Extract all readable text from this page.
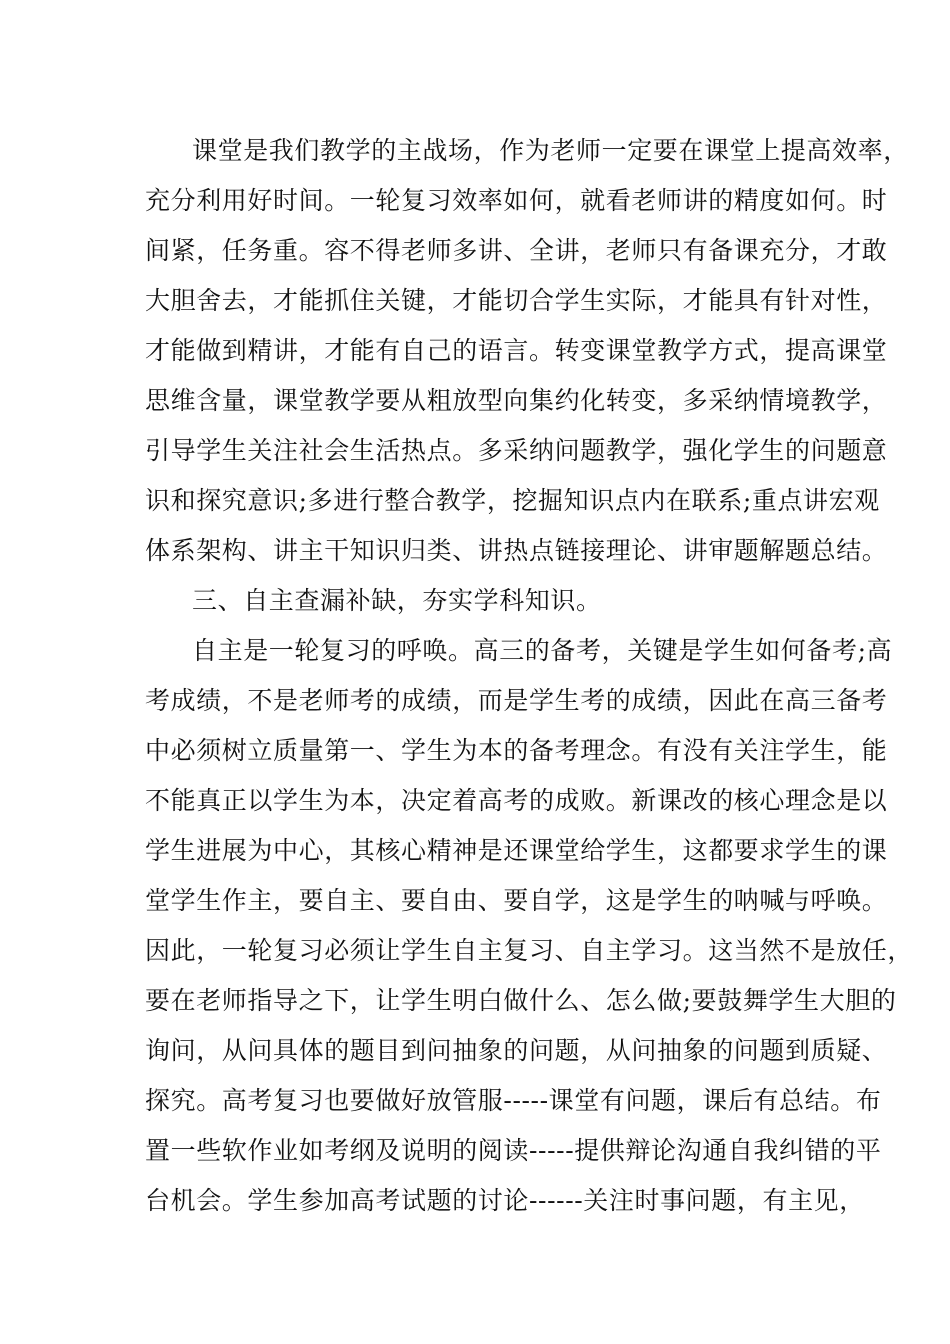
课堂是我们教学的主战场，作为老师一定要在课堂上提高效率，
充分利用好时间。一轮复习效率如何，就看老师讲的精度如何。时
间紧，任务重。容不得老师多讲、全讲，老师只有备课充分，才敢
大胆舍去，才能抓住关键，才能切合学生实际，才能具有针对性，
才能做到精讲，才能有自己的语言。转变课堂教学方式，提高课堂
思维含量，课堂教学要从粗放型向集约化转变，多采纳情境教学，
引导学生关注社会生活热点。多采纳问题教学，强化学生的问题意
识和探究意识;多进行整合教学，挖掘知识点内在联系;重点讲宏观
体系架构、讲主干知识归类、讲热点链接理论、讲审题解题总结。
三、自主查漏补缺，夯实学科知识。
自主是一轮复习的呼唤。高三的备考，关键是学生如何备考;高
考成绩，不是老师考的成绩，而是学生考的成绩，因此在高三备考
中必须树立质量第一、学生为本的备考理念。有没有关注学生，能
不能真正以学生为本，决定着高考的成败。新课改的核心理念是以
学生进展为中心，其核心精神是还课堂给学生，这都要求学生的课
堂学生作主，要自主、要自由、要自学，这是学生的呐喊与呼唤。
因此，一轮复习必须让学生自主复习、自主学习。这当然不是放任，
要在老师指导之下，让学生明白做什么、怎么做;要鼓舞学生大胆的
询问，从问具体的题目到问抽象的问题，从问抽象的问题到质疑、
探究。高考复习也要做好放管服-----课堂有问题，课后有总结。布
置一些软作业如考纲及说明的阅读-----提供辩论沟通自我纠错的平
台机会。学生参加高考试题的讨论------关注时事问题，有主见，
